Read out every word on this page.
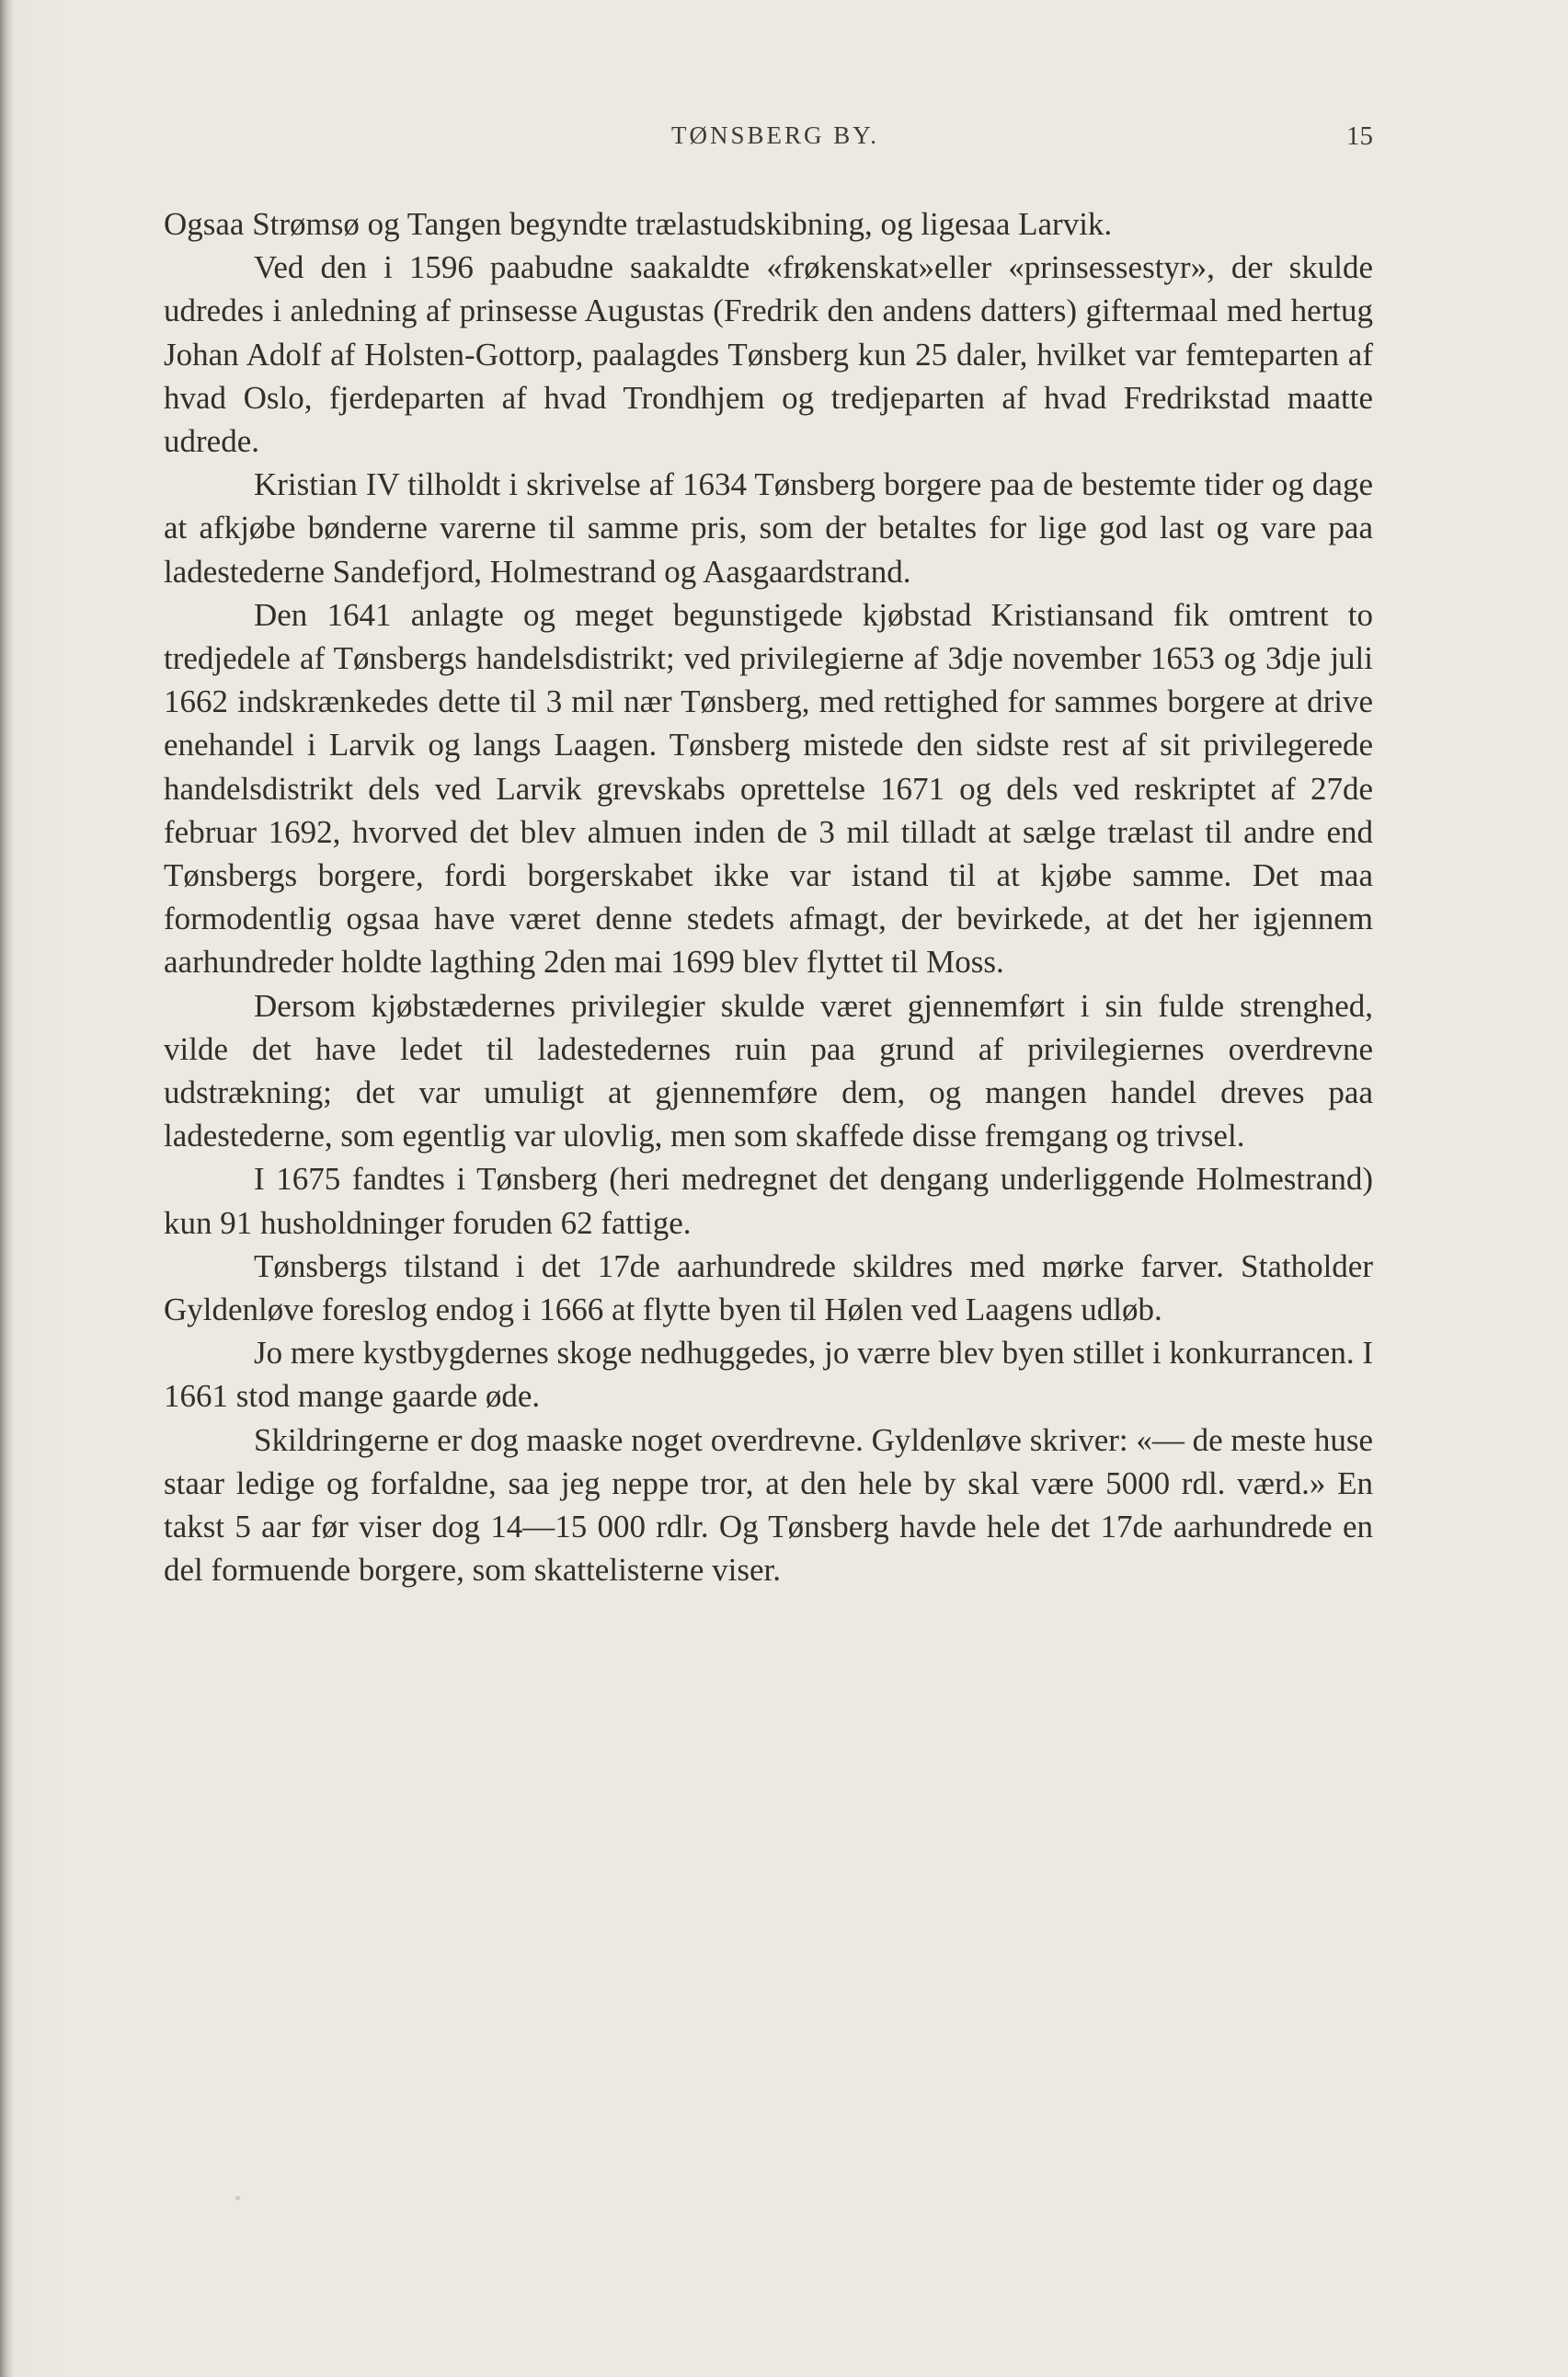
TØNSBERG BY.	15

Ogsaa Strømsø og Tangen begyndte trælastudskibning, og ligesaa Larvik.

Ved den i 1596 paabudne saakaldte «frøkenskat»eller «prinsessestyr», der skulde udredes i anledning af prinsesse Augustas (Fredrik den andens datters) giftermaal med hertug Johan Adolf af Holsten-Gottorp, paalagdes Tønsberg kun 25 daler, hvilket var femteparten af hvad Oslo, fjerdeparten af hvad Trondhjem og tredjeparten af hvad Fredrikstad maatte udrede.

Kristian IV tilholdt i skrivelse af 1634 Tønsberg borgere paa de bestemte tider og dage at afkjøbe bønderne varerne til samme pris, som der betaltes for lige god last og vare paa ladestederne Sandefjord, Holmestrand og Aasgaardstrand.

Den 1641 anlagte og meget begunstigede kjøbstad Kristiansand fik omtrent to tredjedele af Tønsbergs handelsdistrikt; ved privilegierne af 3dje november 1653 og 3dje juli 1662 indskrænkedes dette til 3 mil nær Tønsberg, med rettighed for sammes borgere at drive enehandel i Larvik og langs Laagen. Tønsberg mistede den sidste rest af sit privilegerede handelsdistrikt dels ved Larvik grevskabs oprettelse 1671 og dels ved reskriptet af 27de februar 1692, hvorved det blev almuen inden de 3 mil tilladt at sælge trælast til andre end Tønsbergs borgere, fordi borgerskabet ikke var istand til at kjøbe samme. Det maa formodentlig ogsaa have været denne stedets afmagt, der bevirkede, at det her igjennem aarhundreder holdte lagthing 2den mai 1699 blev flyttet til Moss.

Dersom kjøbstædernes privilegier skulde været gjennemført i sin fulde strenghed, vilde det have ledet til ladestedernes ruin paa grund af privilegiernes overdrevne udstrækning; det var umuligt at gjennemføre dem, og mangen handel dreves paa ladestederne, som egentlig var ulovlig, men som skaffede disse fremgang og trivsel.

I 1675 fandtes i Tønsberg (heri medregnet det dengang underliggende Holmestrand) kun 91 husholdninger foruden 62 fattige.

Tønsbergs tilstand i det 17de aarhundrede skildres med mørke farver. Statholder Gyldenløve foreslog endog i 1666 at flytte byen til Hølen ved Laagens udløb.

Jo mere kystbygdernes skoge nedhuggedes, jo værre blev byen stillet i konkurrancen. I 1661 stod mange gaarde øde.

Skildringerne er dog maaske noget overdrevne. Gyldenløve skriver: «— de meste huse staar ledige og forfaldne, saa jeg neppe tror, at den hele by skal være 5000 rdl. værd.» En takst 5 aar før viser dog 14—15 000 rdlr. Og Tønsberg havde hele det 17de aarhundrede en del formuende borgere, som skattelisterne viser.
